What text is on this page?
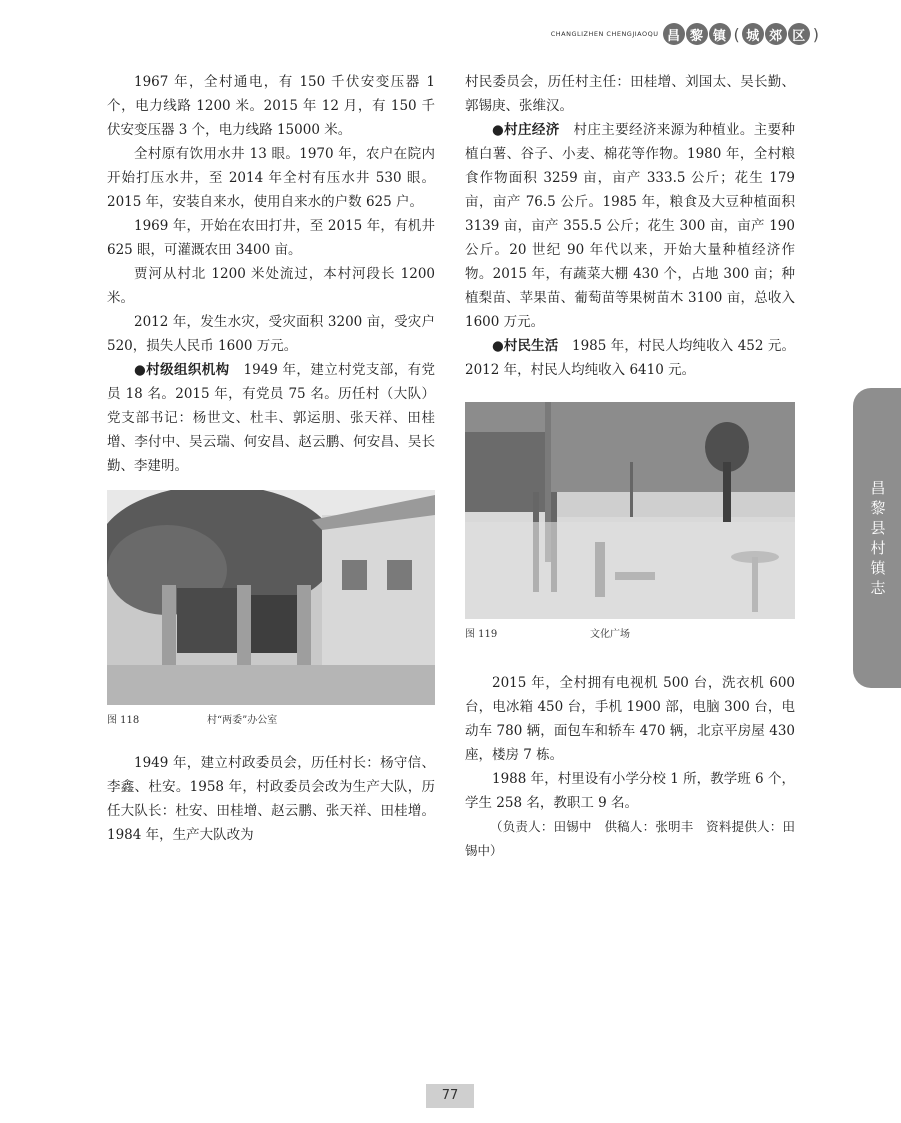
CHANGLIZHEN CHENGJIAOQU 昌 黎 镇 ( 城 郊 区 )

1967 年，全村通电，有 150 千伏安变压器 1 个，电力线路 1200 米。2015 年 12 月，有 150 千伏安变压器 3 个，电力线路 15000 米。

全村原有饮用水井 13 眼。1970 年，农户在院内开始打压水井，至 2014 年全村有压水井 530 眼。2015 年，安装自来水，使用自来水的户数 625 户。

1969 年，开始在农田打井，至 2015 年，有机井 625 眼，可灌溉农田 3400 亩。

贾河从村北 1200 米处流过，本村河段长 1200 米。

2012 年，发生水灾，受灾面积 3200 亩，受灾户 520，损失人民币 1600 万元。

●村级组织机构　1949 年，建立村党支部，有党员 18 名。2015 年，有党员 75 名。历任村（大队）党支部书记：杨世文、杜丰、郭运朋、张天祥、田桂增、李付中、吴云瑞、何安昌、赵云鹏、何安昌、吴长勤、李建明。

图 118	村“两委”办公室

1949 年，建立村政委员会，历任村长：杨守信、李鑫、杜安。1958 年，村政委员会改为生产大队，历任大队长：杜安、田桂增、赵云鹏、张天祥、田桂增。1984 年，生产大队改为

村民委员会，历任村主任：田桂增、刘国太、吴长勤、郭锡庚、张维汉。

●村庄经济　村庄主要经济来源为种植业。主要种植白薯、谷子、小麦、棉花等作物。1980 年，全村粮食作物面积 3259 亩，亩产 333.5 公斤；花生 179 亩，亩产 76.5 公斤。1985 年，粮食及大豆种植面积 3139 亩，亩产 355.5 公斤；花生 300 亩，亩产 190 公斤。20 世纪 90 年代以来，开始大量种植经济作物。2015 年，有蔬菜大棚 430 个，占地 300 亩；种植梨苗、苹果苗、葡萄苗等果树苗木 3100 亩，总收入 1600 万元。

●村民生活　1985 年，村民人均纯收入 452 元。2012 年，村民人均纯收入 6410 元。

图 119	文化广场

2015 年，全村拥有电视机 500 台，洗衣机 600 台，电冰箱 450 台，手机 1900 部，电脑 300 台，电动车 780 辆，面包车和轿车 470 辆，北京平房屋 430 座，楼房 7 栋。

1988 年，村里设有小学分校 1 所，教学班 6 个，学生 258 名，教职工 9 名。

（负责人：田锡中　供稿人：张明丰　资料提供人：田锡中）

昌
黎
县
村
镇
志
77
